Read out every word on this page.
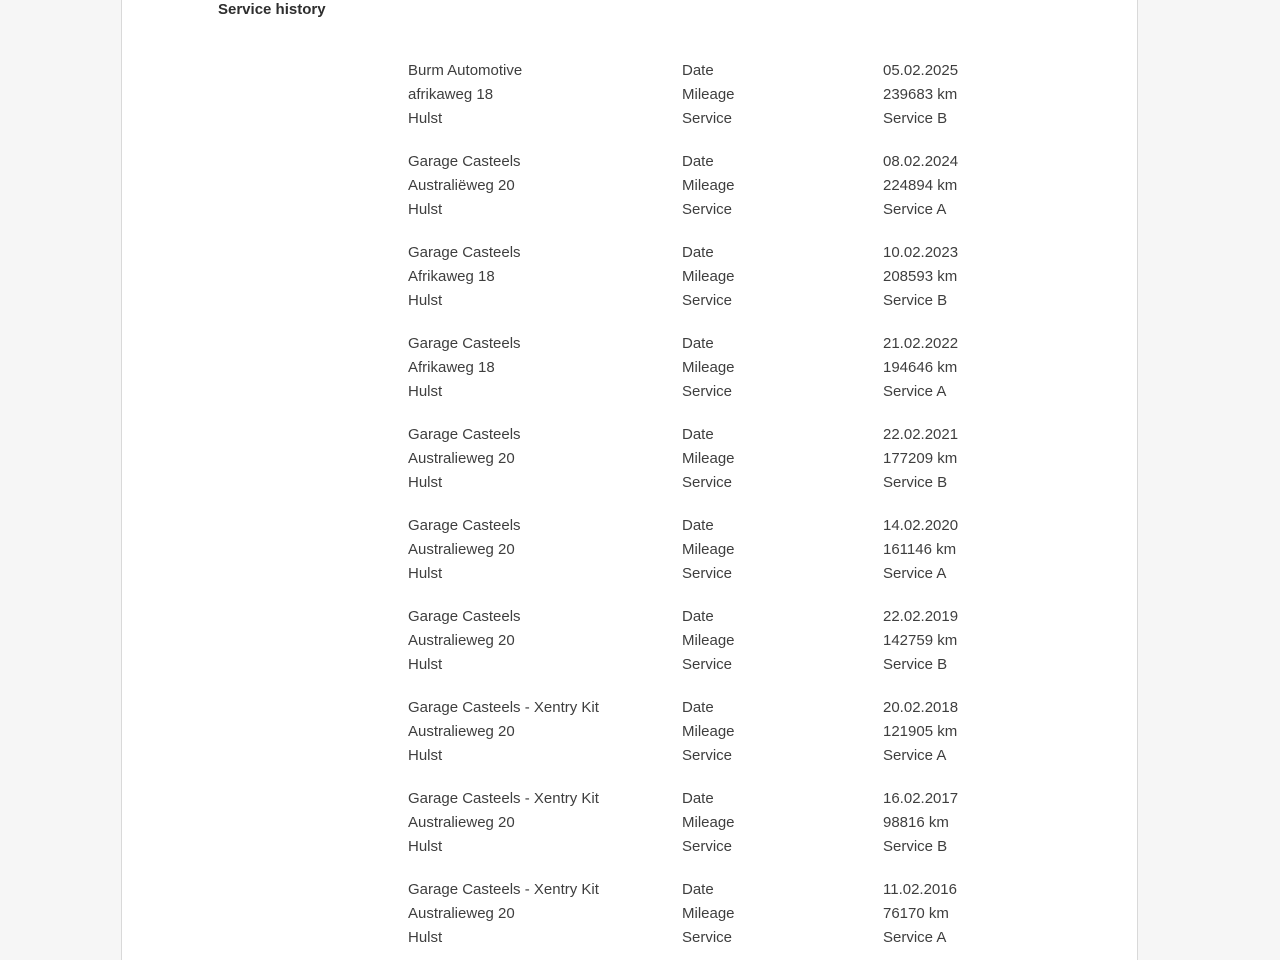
Service history
Burm Automotive
afrikaweg 18
Hulst
Date
Mileage
Service
05.02.2025
239683 km
Service B
Garage Casteels
Australiëweg 20
Hulst
Date
Mileage
Service
08.02.2024
224894 km
Service A
Garage Casteels
Afrikaweg 18
Hulst
Date
Mileage
Service
10.02.2023
208593 km
Service B
Garage Casteels
Afrikaweg 18
Hulst
Date
Mileage
Service
21.02.2022
194646 km
Service A
Garage Casteels
Australieweg 20
Hulst
Date
Mileage
Service
22.02.2021
177209 km
Service B
Garage Casteels
Australieweg 20
Hulst
Date
Mileage
Service
14.02.2020
161146 km
Service A
Garage Casteels
Australieweg 20
Hulst
Date
Mileage
Service
22.02.2019
142759 km
Service B
Garage Casteels - Xentry Kit
Australieweg 20
Hulst
Date
Mileage
Service
20.02.2018
121905 km
Service A
Garage Casteels - Xentry Kit
Australieweg 20
Hulst
Date
Mileage
Service
16.02.2017
98816 km
Service B
Garage Casteels - Xentry Kit
Australieweg 20
Hulst
Date
Mileage
Service
11.02.2016
76170 km
Service A
